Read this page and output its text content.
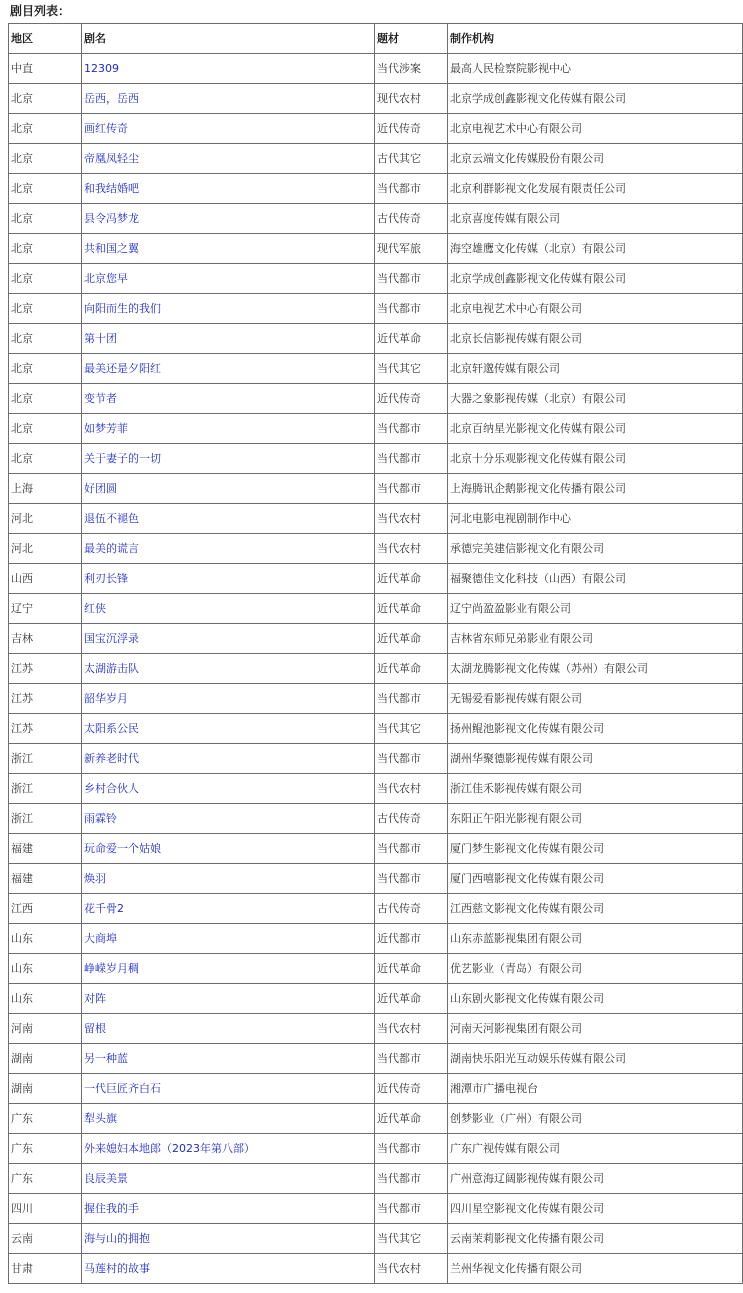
剧目列表：
地区	剧名	题材	制作机构
中直	12309	当代涉案	最高人民检察院影视中心
北京	岳西，岳西	现代农村	北京学成创鑫影视文化传媒有限公司
北京	画红传奇	近代传奇	北京电视艺术中心有限公司
北京	帝凰凤轻尘	古代其它	北京云端文化传媒股份有限公司
北京	和我结婚吧	当代都市	北京利群影视文化发展有限责任公司
北京	县令冯梦龙	古代传奇	北京喜度传媒有限公司
北京	共和国之翼	现代军旅	海空雄鹰文化传媒（北京）有限公司
北京	北京您早	当代都市	北京学成创鑫影视文化传媒有限公司
北京	向阳而生的我们	当代都市	北京电视艺术中心有限公司
北京	第十团	近代革命	北京长信影视传媒有限公司
北京	最美还是夕阳红	当代其它	北京轩邈传媒有限公司
北京	变节者	近代传奇	大器之象影视传媒（北京）有限公司
北京	如梦芳菲	当代都市	北京百纳星光影视文化传媒有限公司
北京	关于妻子的一切	当代都市	北京十分乐观影视文化传媒有限公司
上海	好团圆	当代都市	上海腾讯企鹅影视文化传播有限公司
河北	退伍不褪色	当代农村	河北电影电视剧制作中心
河北	最美的谎言	当代农村	承德完美建信影视文化有限公司
山西	利刃长锋	近代革命	福聚德佳文化科技（山西）有限公司
辽宁	红侠	近代革命	辽宁尚盈盈影业有限公司
吉林	国宝沉浮录	近代革命	吉林省东师兄弟影业有限公司
江苏	太湖游击队	近代革命	太湖龙腾影视文化传媒（苏州）有限公司
江苏	韶华岁月	当代都市	无锡爱看影视传媒有限公司
江苏	太阳系公民	当代其它	扬州鲲池影视文化传媒有限公司
浙江	新养老时代	当代都市	湖州华聚德影视传媒有限公司
浙江	乡村合伙人	当代农村	浙江佳禾影视传媒有限公司
浙江	雨霖铃	古代传奇	东阳正午阳光影视有限公司
福建	玩命爱一个姑娘	当代都市	厦门梦生影视文化传媒有限公司
福建	焕羽	当代都市	厦门西嘻影视文化传媒有限公司
江西	花千骨2	古代传奇	江西慈文影视文化传媒有限公司
山东	大商埠	近代都市	山东赤蓝影视集团有限公司
山东	峥嵘岁月稠	近代革命	优艺影业（青岛）有限公司
山东	对阵	近代革命	山东剧火影视文化传媒有限公司
河南	留根	当代农村	河南天河影视集团有限公司
湖南	另一种蓝	当代都市	湖南快乐阳光互动娱乐传媒有限公司
湖南	一代巨匠齐白石	近代传奇	湘潭市广播电视台
广东	犁头旗	近代革命	创梦影业（广州）有限公司
广东	外来媳妇本地郎（2023年第八部）	当代都市	广东广视传媒有限公司
广东	良辰美景	当代都市	广州意海辽阔影视传媒有限公司
四川	握住我的手	当代都市	四川星空影视文化传媒有限公司
云南	海与山的拥抱	当代其它	云南茉莉影视文化传播有限公司
甘肃	马莲村的故事	当代农村	兰州华视文化传播有限公司
